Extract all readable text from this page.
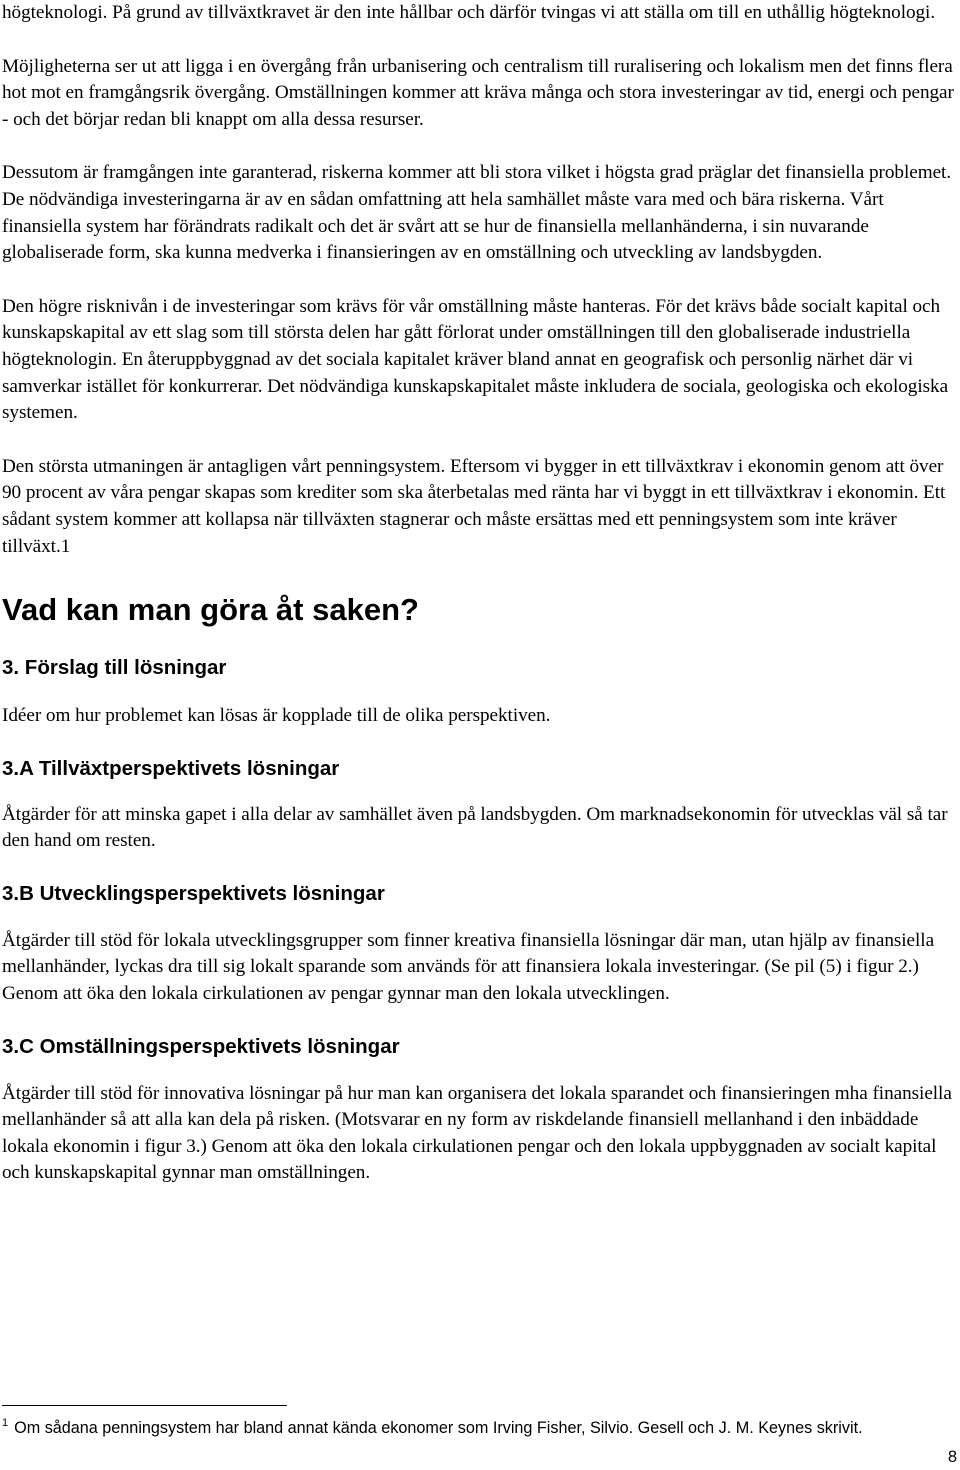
högteknologi. På grund av tillväxtkravet är den inte hållbar och därför tvingas vi att ställa om till en uthållig högteknologi.

Möjligheterna ser ut att ligga i en övergång från urbanisering och centralism till ruralisering och lokalism men det finns flera hot mot en framgångsrik övergång. Omställningen kommer att kräva många och stora investeringar av tid, energi och pengar - och det börjar redan bli knappt om alla dessa resurser.

Dessutom är framgången inte garanterad, riskerna kommer att bli stora vilket i högsta grad präglar det finansiella problemet. De nödvändiga investeringarna är av en sådan omfattning att hela samhället måste vara med och bära riskerna. Vårt finansiella system har förändrats radikalt och det är svårt att se hur de finansiella mellanhänderna, i sin nuvarande globaliserade form, ska kunna medverka i finansieringen av en omställning och utveckling av landsbygden.

Den högre risknivån i de investeringar som krävs för vår omställning måste hanteras. För det krävs både socialt kapital och kunskapskapital av ett slag som till största delen har gått förlorat under omställningen till den globaliserade industriella högteknologin. En återuppbyggnad av det sociala kapitalet kräver bland annat en geografisk och personlig närhet där vi samverkar istället för konkurrerar. Det nödvändiga kunskapskapitalet måste inkludera de sociala, geologiska och ekologiska systemen.

Den största utmaningen är antagligen vårt penningsystem. Eftersom vi bygger in ett tillväxtkrav i ekonomin genom att över 90 procent av våra pengar skapas som krediter som ska återbetalas med ränta har vi byggt in ett tillväxtkrav i ekonomin. Ett sådant system kommer att kollapsa när tillväxten stagnerar och måste ersättas med ett penningsystem som inte kräver tillväxt.1

Vad kan man göra åt saken?
3. Förslag till lösningar

Idéer om hur problemet kan lösas är kopplade till de olika perspektiven.

3.A Tillväxtperspektivets lösningar

Åtgärder för att minska gapet i alla delar av samhället även på landsbygden. Om marknadsekonomin för utvecklas väl så tar den hand om resten.

3.B Utvecklingsperspektivets lösningar

Åtgärder till stöd för lokala utvecklingsgrupper som finner kreativa finansiella lösningar där man, utan hjälp av finansiella mellanhänder, lyckas dra till sig lokalt sparande som används för att finansiera lokala investeringar. (Se pil (5) i figur 2.) Genom att öka den lokala cirkulationen av pengar gynnar man den lokala utvecklingen.

3.C Omställningsperspektivets lösningar

Åtgärder till stöd för innovativa lösningar på hur man kan organisera det lokala sparandet och finansieringen mha finansiella mellanhänder så att alla kan dela på risken. (Motsvarar en ny form av riskdelande finansiell mellanhand i den inbäddade lokala ekonomin i figur 3.) Genom att öka den lokala cirkulationen pengar och den lokala uppbyggnaden av socialt kapital och kunskapskapital gynnar man omställningen.

$^1$ Om sådana penningsystem har bland annat kända ekonomer som Irving Fisher, Silvio. Gesell och J. M. Keynes skrivit.
8
